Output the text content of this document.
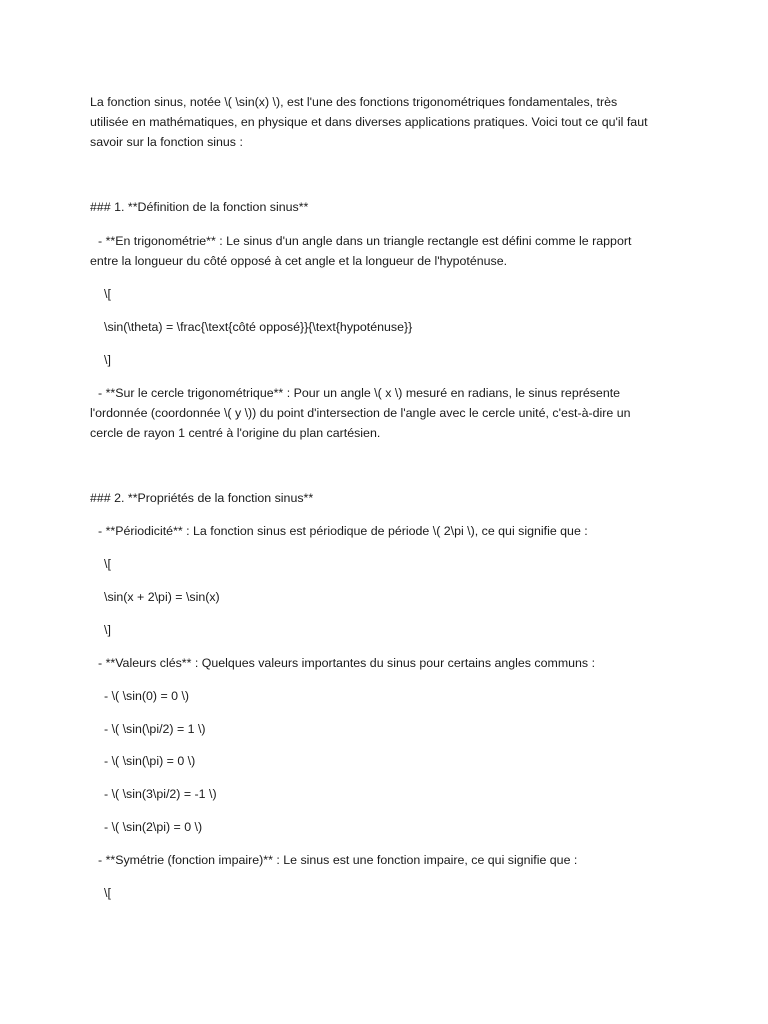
La fonction sinus, notée \( \sin(x) \), est l'une des fonctions trigonométriques fondamentales, très

utilisée en mathématiques, en physique et dans diverses applications pratiques. Voici tout ce qu'il faut

savoir sur la fonction sinus :

### 1. **Définition de la fonction sinus**

- **En trigonométrie** : Le sinus d'un angle dans un triangle rectangle est défini comme le rapport

entre la longueur du côté opposé à cet angle et la longueur de l'hypoténuse.

\[

\sin(\theta) = \frac{\text{côté opposé}}{\text{hypoténuse}}

\]

- **Sur le cercle trigonométrique** : Pour un angle \( x \) mesuré en radians, le sinus représente

l'ordonnée (coordonnée \( y \)) du point d'intersection de l'angle avec le cercle unité, c'est-à-dire un

cercle de rayon 1 centré à l'origine du plan cartésien.

### 2. **Propriétés de la fonction sinus**

- **Périodicité** : La fonction sinus est périodique de période \( 2\pi \), ce qui signifie que :

\[

\sin(x + 2\pi) = \sin(x)

\]

- **Valeurs clés** : Quelques valeurs importantes du sinus pour certains angles communs :

- \( \sin(0) = 0 \)

- \( \sin(\pi/2) = 1 \)

- \( \sin(\pi) = 0 \)

- \( \sin(3\pi/2) = -1 \)

- \( \sin(2\pi) = 0 \)

- **Symétrie (fonction impaire)** : Le sinus est une fonction impaire, ce qui signifie que :

\[
